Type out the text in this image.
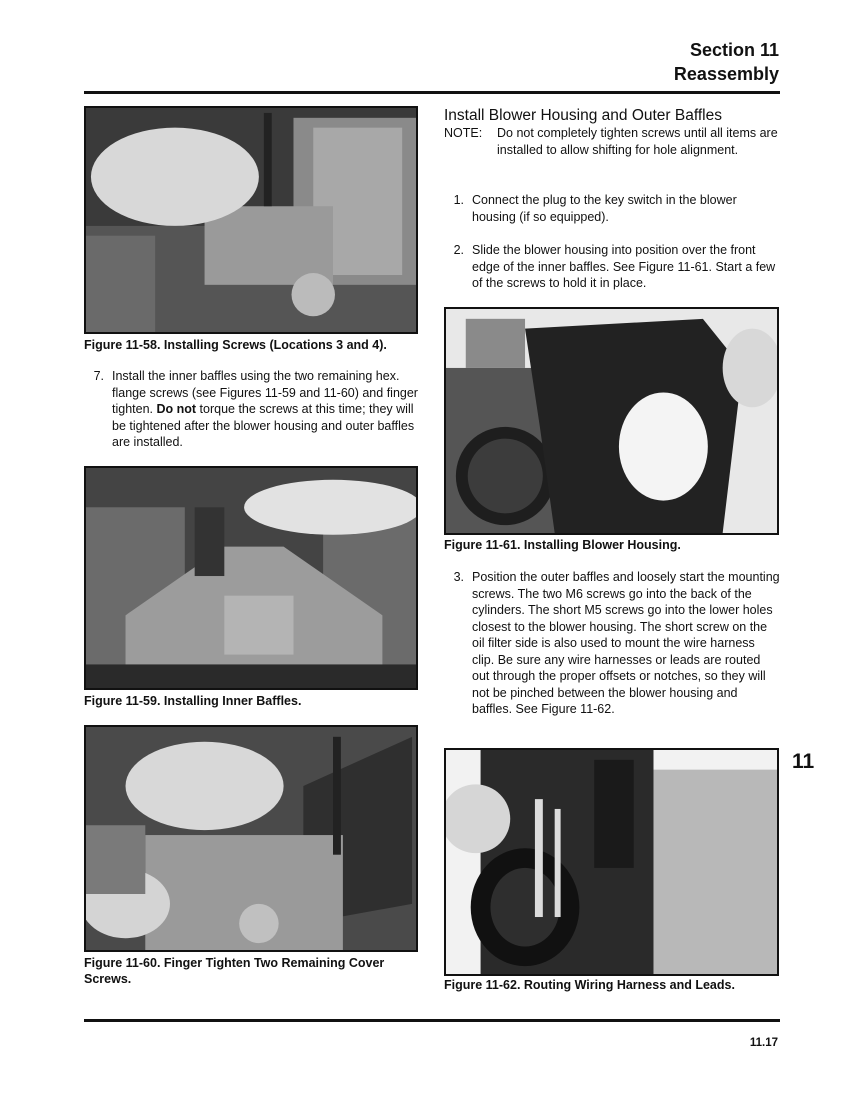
Section 11
Reassembly
Figure 11-58. Installing Screws (Locations 3 and 4).
7. Install the inner baffles using the two remaining hex. flange screws (see Figures 11-59 and 11-60) and finger tighten. Do not torque the screws at this time; they will be tightened after the blower housing and outer baffles are installed.
Figure 11-59. Installing Inner Baffles.
Figure 11-60. Finger Tighten Two Remaining Cover Screws.
Install Blower Housing and Outer Baffles
NOTE:	Do not completely tighten screws until all items are installed to allow shifting for hole alignment.
1. Connect the plug to the key switch in the blower housing (if so equipped).
2. Slide the blower housing into position over the front edge of the inner baffles. See Figure 11-61. Start a few of the screws to hold it in place.
Figure 11-61. Installing Blower Housing.
3. Position the outer baffles and loosely start the mounting screws. The two M6 screws go into the back of the cylinders. The short M5 screws go into the lower holes closest to the blower housing. The short screw on the oil filter side is also used to mount the wire harness clip. Be sure any wire harnesses or leads are routed out through the proper offsets or notches, so they will not be pinched between the blower housing and baffles. See Figure 11-62.
Figure 11-62. Routing Wiring Harness and Leads.
11
11.17
